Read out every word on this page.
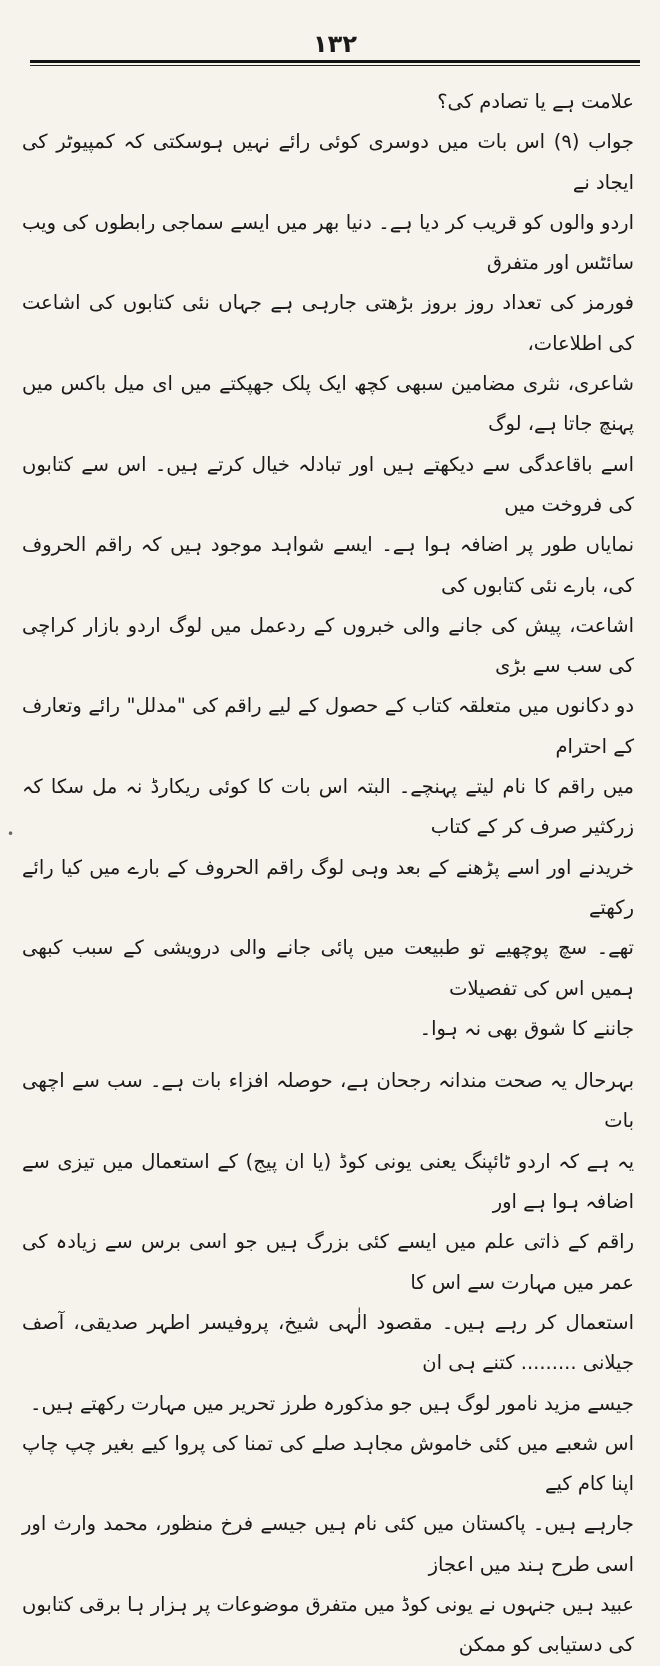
١٣٢

علامت ہے یا تصادم کی؟
جواب (۹) اس بات میں دوسری کوئی رائے نہیں ہوسکتی کہ کمپیوٹر کی ایجاد نے
اردو والوں کو قریب کر دیا ہے۔ دنیا بھر میں ایسے سماجی رابطوں کی ویب سائٹس اور متفرق
فورمز کی تعداد روز بروز بڑھتی جارہی ہے جہاں نئی کتابوں کی اشاعت کی اطلاعات،
شاعری، نثری مضامین سبھی کچھ ایک پلک جھپکتے میں ای میل باکس میں پہنچ جاتا ہے، لوگ
اسے باقاعدگی سے دیکھتے ہیں اور تبادلہ خیال کرتے ہیں۔ اس سے کتابوں کی فروخت میں
نمایاں طور پر اضافہ ہوا ہے۔ ایسے شواہد موجود ہیں کہ راقم الحروف کی، بارے نئی کتابوں کی
اشاعت، پیش کی جانے والی خبروں کے ردعمل میں لوگ اردو بازار کراچی کی سب سے بڑی
دو دکانوں میں متعلقہ کتاب کے حصول کے لیے راقم کی "مدلل" رائے وتعارف کے احترام
میں راقم کا نام لیتے پہنچے۔ البتہ اس بات کا کوئی ریکارڈ نہ مل سکا کہ زرکثیر صرف کر کے کتاب
خریدنے اور اسے پڑھنے کے بعد وہی لوگ راقم الحروف کے بارے میں کیا رائے رکھتے
تھے۔ سچ پوچھیے تو طبیعت میں پائی جانے والی درویشی کے سبب کبھی ہمیں اس کی تفصیلات
جاننے کا شوق بھی نہ ہوا۔

بہرحال یہ صحت مندانہ رجحان ہے، حوصلہ افزاء بات ہے۔ سب سے اچھی بات
یہ ہے کہ اردو ٹائپنگ یعنی یونی کوڈ (یا ان پیج) کے استعمال میں تیزی سے اضافہ ہوا ہے اور
راقم کے ذاتی علم میں ایسے کئی بزرگ ہیں جو اسی برس سے زیادہ کی عمر میں مہارت سے اس کا
استعمال کر رہے ہیں۔ مقصود الٰہی شیخ، پروفیسر اطہر صدیقی، آصف جیلانی ......... کتنے ہی ان
جیسے مزید نامور لوگ ہیں جو مذکورہ طرز تحریر میں مہارت رکھتے ہیں۔

اس شعبے میں کئی خاموش مجاہد صلے کی تمنا کی پروا کیے بغیر چپ چاپ اپنا کام کیے
جارہے ہیں۔ پاکستان میں کئی نام ہیں جیسے فرخ منظور، محمد وارث اور اسی طرح ہند میں اعجاز
عبید ہیں جنہوں نے یونی کوڈ میں متفرق موضوعات پر ہزار ہا برقی کتابوں کی دستیابی کو ممکن

•
